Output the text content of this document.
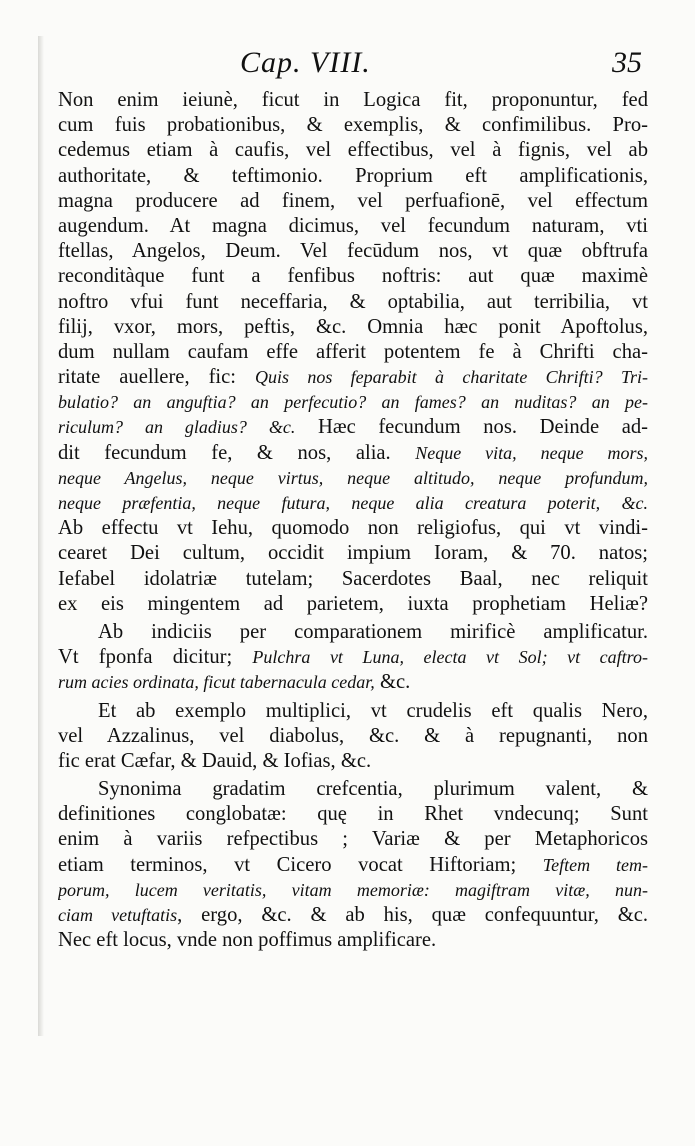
Cap. VIII.	35
Non enim ieiunè, ficut in Logica fit, proponuntur, fed
cum fuis probationibus, & exemplis, & confimilibus. Pro-
cedemus etiam à caufis, vel effectibus, vel à fignis, vel ab
authoritate, & teftimonio. Proprium eft amplificationis,
magna producere ad finem, vel perfuafionē, vel effectum
augendum. At magna dicimus, vel fecundum naturam, vti
ftellas, Angelos, Deum. Vel fecūdum nos, vt quæ obftrufa
reconditàque funt a fenfibus noftris: aut quæ maximè
noftro vfui funt neceffaria, & optabilia, aut terribilia, vt
filij, vxor, mors, peftis, &c. Omnia hæc ponit Apoftolus,
dum nullam caufam effe afferit potentem fe à Chrifti cha-
ritate auellere, fic: Quis nos feparabit à charitate Chrifti? Tri-
bulatio? an anguftia? an perfecutio? an fames? an nuditas? an pe-
riculum? an gladius? &c. Hæc fecundum nos. Deinde ad-
dit fecundum fe, & nos, alia. Neque vita, neque mors,
neque Angelus, neque virtus, neque altitudo, neque profundum,
neque præfentia, neque futura, neque alia creatura poterit, &c.
Ab effectu vt Iehu, quomodo non religiofus, qui vt vindi-
cearet Dei cultum, occidit impium Ioram, & 70. natos;
Iefabel idolatriæ tutelam; Sacerdotes Baal, nec reliquit
ex eis mingentem ad parietem, iuxta prophetiam Heliæ?
Ab indiciis per comparationem mirificè amplificatur.
Vt fponfa dicitur; Pulchra vt Luna, electa vt Sol; vt caftro-
rum acies ordinata, ficut tabernacula cedar, &c.
Et ab exemplo multiplici, vt crudelis eft qualis Nero,
vel Azzalinus, vel diabolus, &c. & à repugnanti, non
fic erat Cæfar, & Dauid, & Iofias, &c.
Synonima gradatim crefcentia, plurimum valent, &
definitiones conglobatæ: quę in Rhet vndecunq; Sunt
enim à variis refpectibus ; Variæ & per Metaphoricos
etiam terminos, vt Cicero vocat Hiftoriam; Teftem tem-
porum, lucem veritatis, vitam memoriæ: magiftram vitæ, nun-
ciam vetuftatis, ergo, &c. & ab his, quæ confequuntur, &c.
Nec eft locus, vnde non poffimus amplificare.
